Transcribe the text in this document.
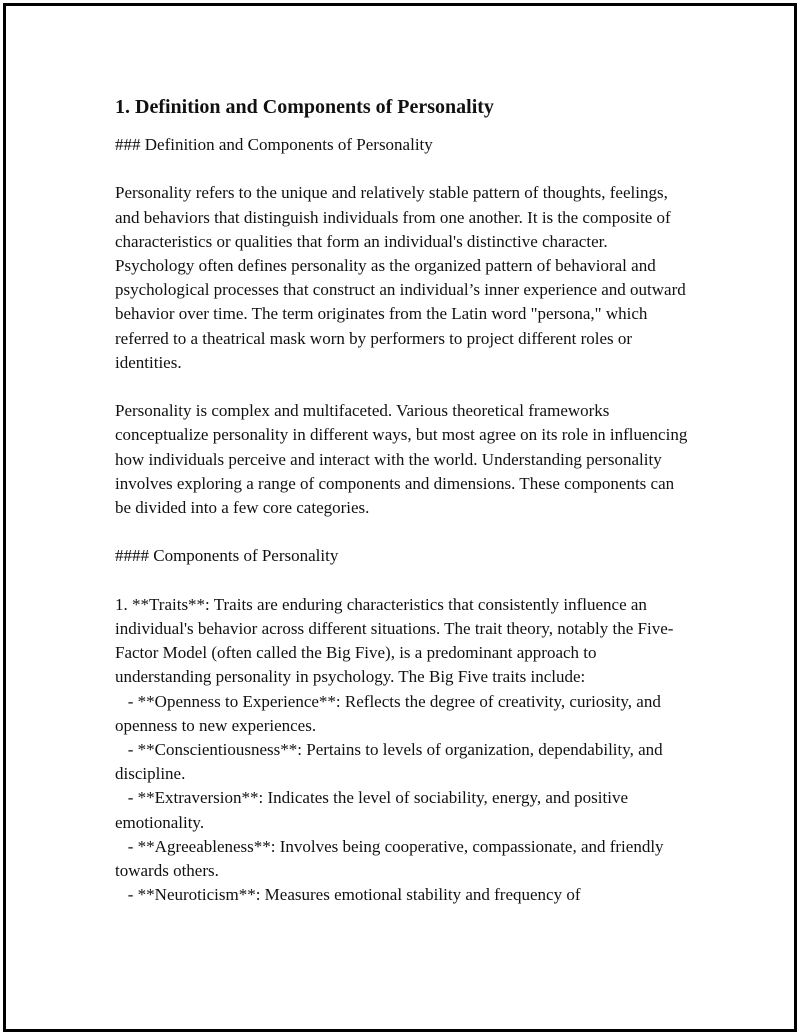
1. Definition and Components of Personality

### Definition and Components of Personality

Personality refers to the unique and relatively stable pattern of thoughts, feelings, and behaviors that distinguish individuals from one another. It is the composite of characteristics or qualities that form an individual's distinctive character. Psychology often defines personality as the organized pattern of behavioral and psychological processes that construct an individual’s inner experience and outward behavior over time. The term originates from the Latin word "persona," which referred to a theatrical mask worn by performers to project different roles or identities.

Personality is complex and multifaceted. Various theoretical frameworks conceptualize personality in different ways, but most agree on its role in influencing how individuals perceive and interact with the world. Understanding personality involves exploring a range of components and dimensions. These components can be divided into a few core categories.

#### Components of Personality

1. **Traits**: Traits are enduring characteristics that consistently influence an individual's behavior across different situations. The trait theory, notably the Five-Factor Model (often called the Big Five), is a predominant approach to understanding personality in psychology. The Big Five traits include:

- **Openness to Experience**: Reflects the degree of creativity, curiosity, and openness to new experiences.

- **Conscientiousness**: Pertains to levels of organization, dependability, and discipline.

- **Extraversion**: Indicates the level of sociability, energy, and positive emotionality.

- **Agreeableness**: Involves being cooperative, compassionate, and friendly towards others.

- **Neuroticism**: Measures emotional stability and frequency of
